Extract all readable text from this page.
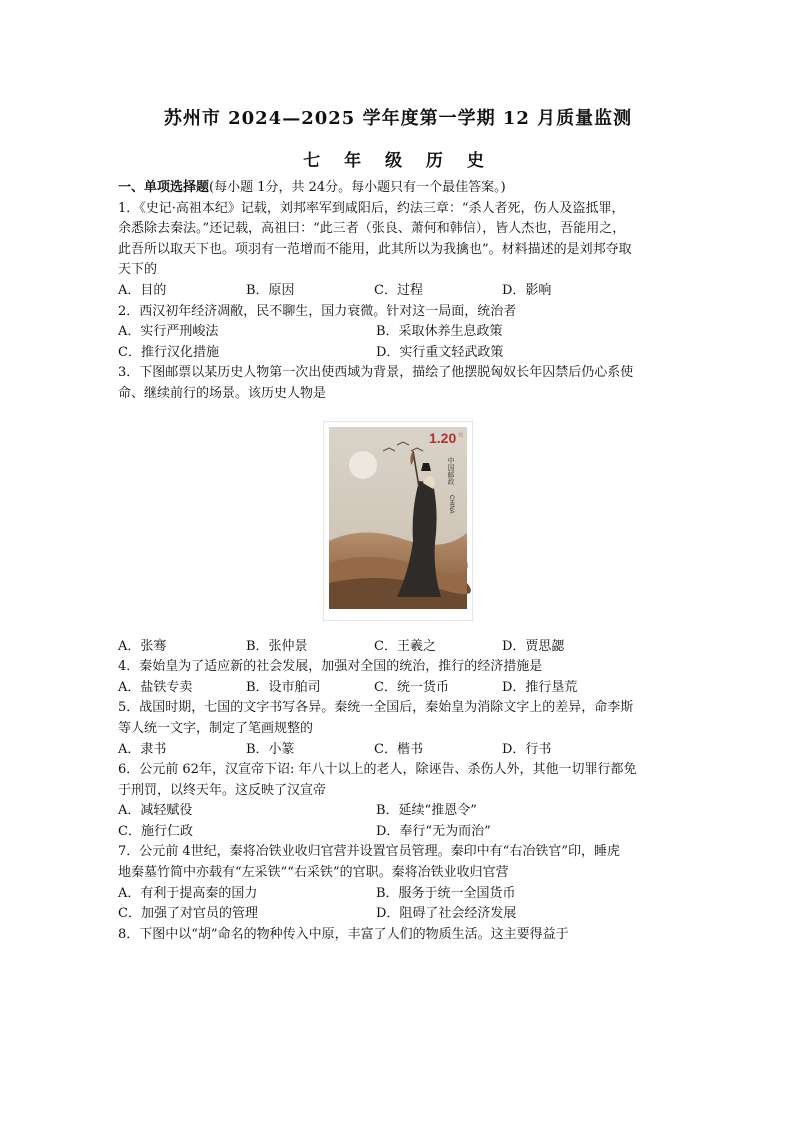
苏州市 2024—2025 学年度第一学期 12 月质量监测
七 年 级 历 史
一、单项选择题(每小题 1分，共 24分。每小题只有一个最佳答案。)
1．《史记·高祖本纪》记载，刘邦率军到咸阳后，约法三章：“杀人者死，伤人及盗抵罪，
余悉除去秦法。”还记载，高祖曰：“此三者（张良、萧何和韩信），皆人杰也，吾能用之，
此吾所以取天下也。项羽有一范增而不能用，此其所以为我擒也”。材料描述的是刘邦夺取
天下的
A．目的	B．原因	C．过程	D．影响
2．西汉初年经济凋敝，民不聊生，国力衰微。针对这一局面，统治者
A．实行严刑峻法	B．采取休养生息政策
C．推行汉化措施	D．实行重文轻武政策
3．下图邮票以某历史人物第一次出使西域为背景，描绘了他摆脱匈奴长年囚禁后仍心系使
命、继续前行的场景。该历史人物是
1.20 元
中国邮政
CHINA
A．张骞	B．张仲景	C．王羲之	D．贾思勰
4．秦始皇为了适应新的社会发展，加强对全国的统治，推行的经济措施是
A．盐铁专卖	B．设市舶司	C．统一货币	D．推行垦荒
5．战国时期，七国的文字书写各异。秦统一全国后，秦始皇为消除文字上的差异，命李斯
等人统一文字，制定了笔画规整的
A．隶书	B．小篆	C．楷书	D．行书
6．公元前 62年，汉宣帝下诏: 年八十以上的老人，除诬告、杀伤人外，其他一切罪行都免
于刑罚，以终天年。这反映了汉宣帝
A．减轻赋役	B．延续“推恩令”
C．施行仁政	D．奉行“无为而治”
7．公元前 4世纪，秦将冶铁业收归官营并设置官员管理。秦印中有“右冶铁官”印，睡虎
地秦墓竹简中亦载有“左采铁”“右采铁”的官职。秦将冶铁业收归官营
A．有利于提高秦的国力	B．服务于统一全国货币
C．加强了对官员的管理	D．阻碍了社会经济发展
8．下图中以“胡”命名的物种传入中原，丰富了人们的物质生活。这主要得益于
